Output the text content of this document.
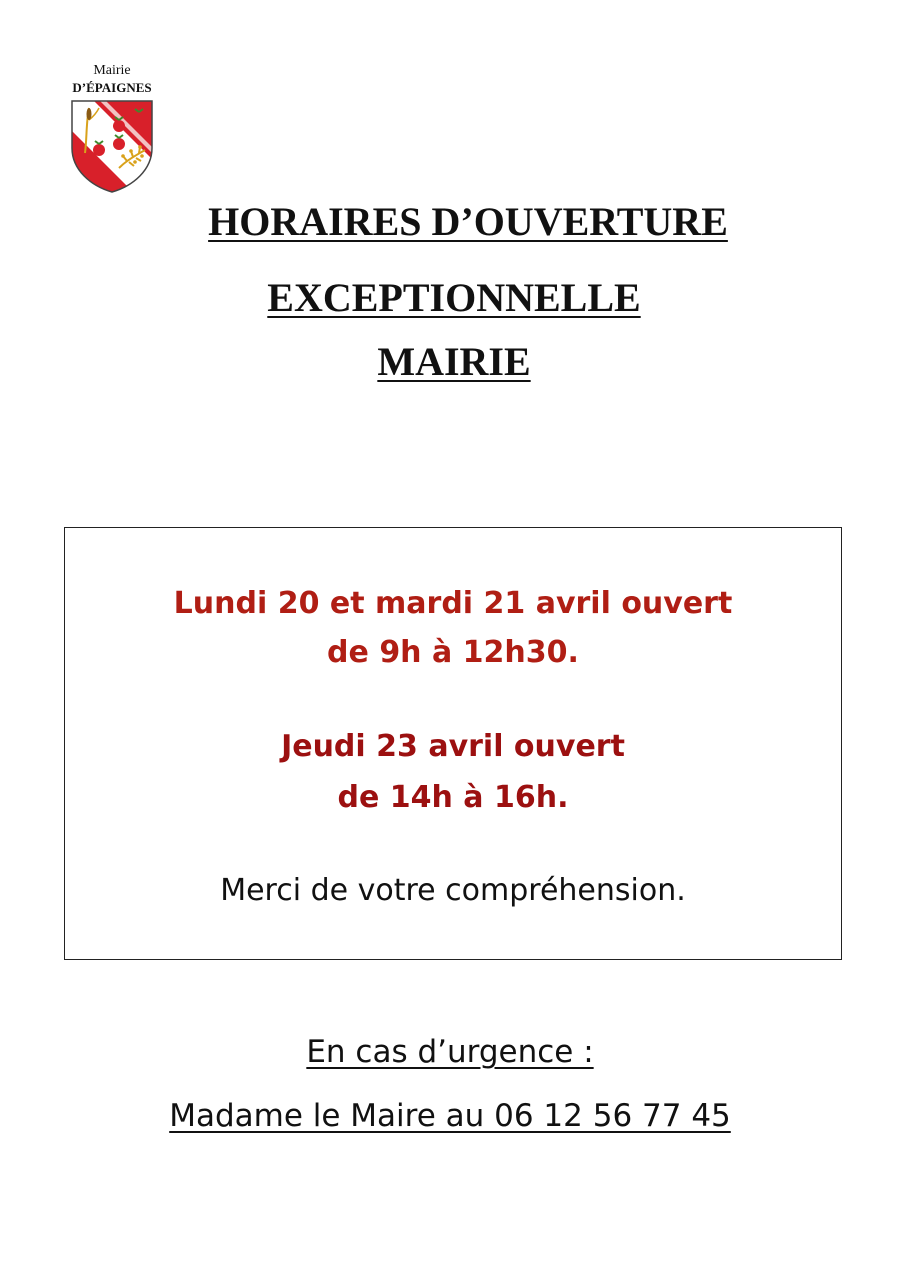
Mairie
D’ÉPAIGNES
HORAIRES D’OUVERTURE
EXCEPTIONNELLE
MAIRIE
Lundi 20 et mardi 21 avril ouvert
de 9h à 12h30.
Jeudi 23 avril ouvert
de 14h à 16h.
Merci de votre compréhension.
En cas d’urgence :
Madame le Maire au 06 12 56 77 45
